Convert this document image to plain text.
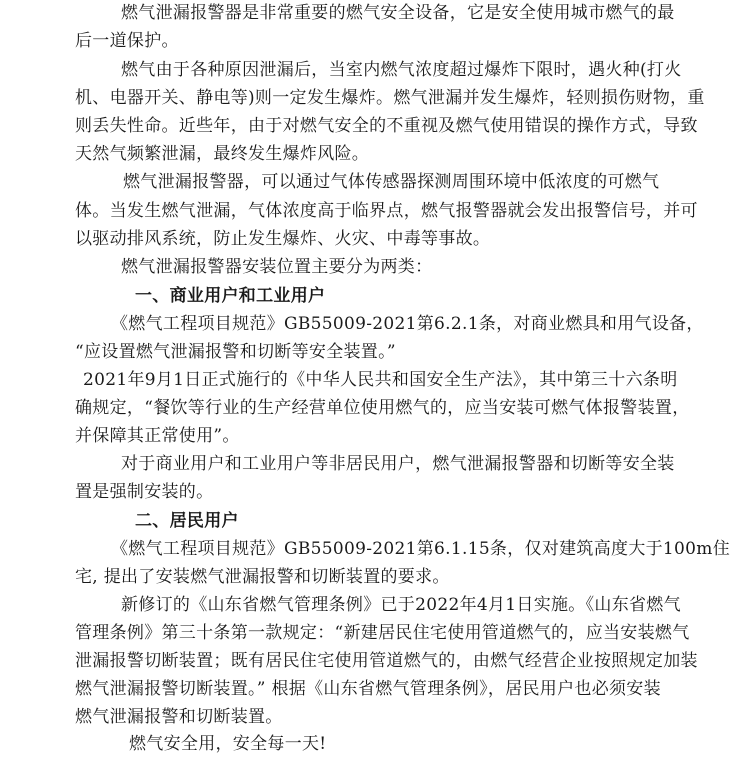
燃气泄漏报警器是非常重要的燃气安全设备，它是安全使用城市燃气的最
后一道保护。
燃气由于各种原因泄漏后，当室内燃气浓度超过爆炸下限时，遇火种(打火
机、电器开关、静电等)则一定发生爆炸。燃气泄漏并发生爆炸，轻则损伤财物，重
则丢失性命。近些年，由于对燃气安全的不重视及燃气使用错误的操作方式，导致
天然气频繁泄漏，最终发生爆炸风险。
燃气泄漏报警器，可以通过气体传感器探测周围环境中低浓度的可燃气
体。当发生燃气泄漏，气体浓度高于临界点，燃气报警器就会发出报警信号，并可
以驱动排风系统，防止发生爆炸、火灾、中毒等事故。
燃气泄漏报警器安装位置主要分为两类：
一、商业用户和工业用户
《燃气工程项目规范》GB55009-2021第6.2.1条，对商业燃具和用气设备，
“应设置燃气泄漏报警和切断等安全装置。”
2021年9月1日正式施行的《中华人民共和国安全生产法》，其中第三十六条明
确规定，“餐饮等行业的生产经营单位使用燃气的，应当安装可燃气体报警装置，
并保障其正常使用”。
对于商业用户和工业用户等非居民用户，燃气泄漏报警器和切断等安全装
置是强制安装的。
二、居民用户
《燃气工程项目规范》GB55009-2021第6.1.15条，仅对建筑高度大于100m住
宅, 提出了安装燃气泄漏报警和切断装置的要求。
新修订的《山东省燃气管理条例》已于2022年4月1日实施。《山东省燃气
管理条例》第三十条第一款规定：“新建居民住宅使用管道燃气的，应当安装燃气
泄漏报警切断装置；既有居民住宅使用管道燃气的，由燃气经营企业按照规定加装
燃气泄漏报警切断装置。” 根据《山东省燃气管理条例》，居民用户也必须安装
燃气泄漏报警和切断装置。
燃气安全用，安全每一天!
